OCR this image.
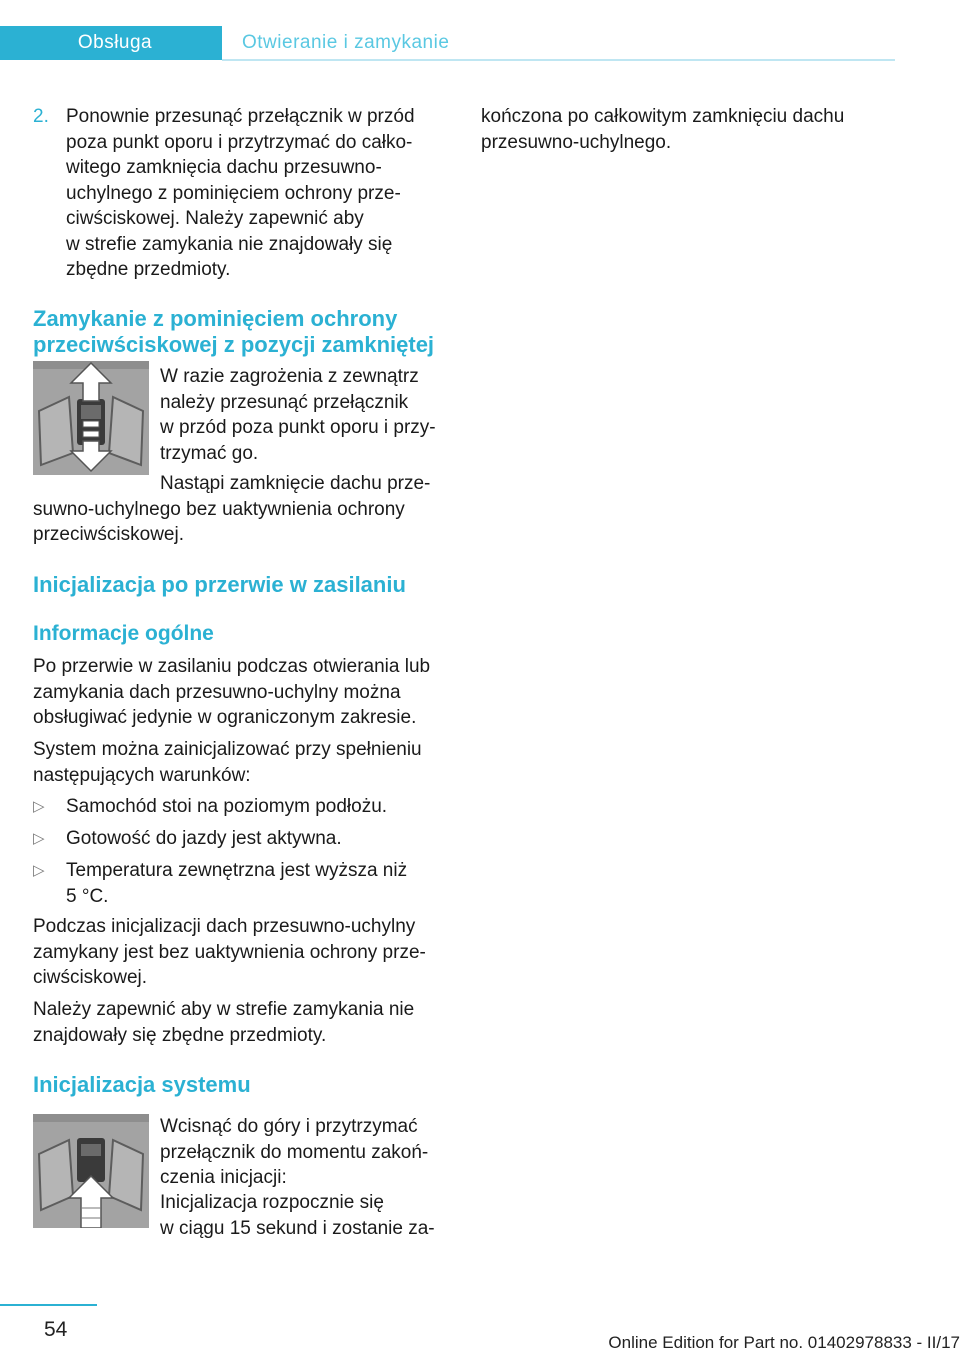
Obsługa	Otwieranie i zamykanie
2. Ponownie przesunąć przełącznik w przód
poza punkt oporu i przytrzymać do całko‐
witego zamknięcia dachu przesuwno-
uchylnego z pominięciem ochrony prze‐
ciwściskowej. Należy zapewnić aby
w strefie zamykania nie znajdowały się
zbędne przedmioty.
Zamykanie z pominięciem ochrony
przeciwściskowej z pozycji zamkniętej
W razie zagrożenia z zewnątrz
należy przesunąć przełącznik
w przód poza punkt oporu i przy‐
trzymać go.
Nastąpi zamknięcie dachu prze‐
suwno-uchylnego bez uaktywnienia ochrony
przeciwściskowej.
Inicjalizacja po przerwie w zasilaniu
Informacje ogólne
Po przerwie w zasilaniu podczas otwierania lub
zamykania dach przesuwno-uchylny można
obsługiwać jedynie w ograniczonym zakresie.
System można zainicjalizować przy spełnieniu
następujących warunków:
▷ Samochód stoi na poziomym podłożu.
▷ Gotowość do jazdy jest aktywna.
▷ Temperatura zewnętrzna jest wyższa niż
5 °C.
Podczas inicjalizacji dach przesuwno-uchylny
zamykany jest bez uaktywnienia ochrony prze‐
ciwściskowej.
Należy zapewnić aby w strefie zamykania nie
znajdowały się zbędne przedmioty.
Inicjalizacja systemu
Wcisnąć do góry i przytrzymać
przełącznik do momentu zakoń‐
czenia inicjacji:
Inicjalizacja rozpocznie się
w ciągu 15 sekund i zostanie za‐
kończona po całkowitym zamknięciu dachu
przesuwno-uchylnego.
54
Online Edition for Part no. 01402978833 - II/17
